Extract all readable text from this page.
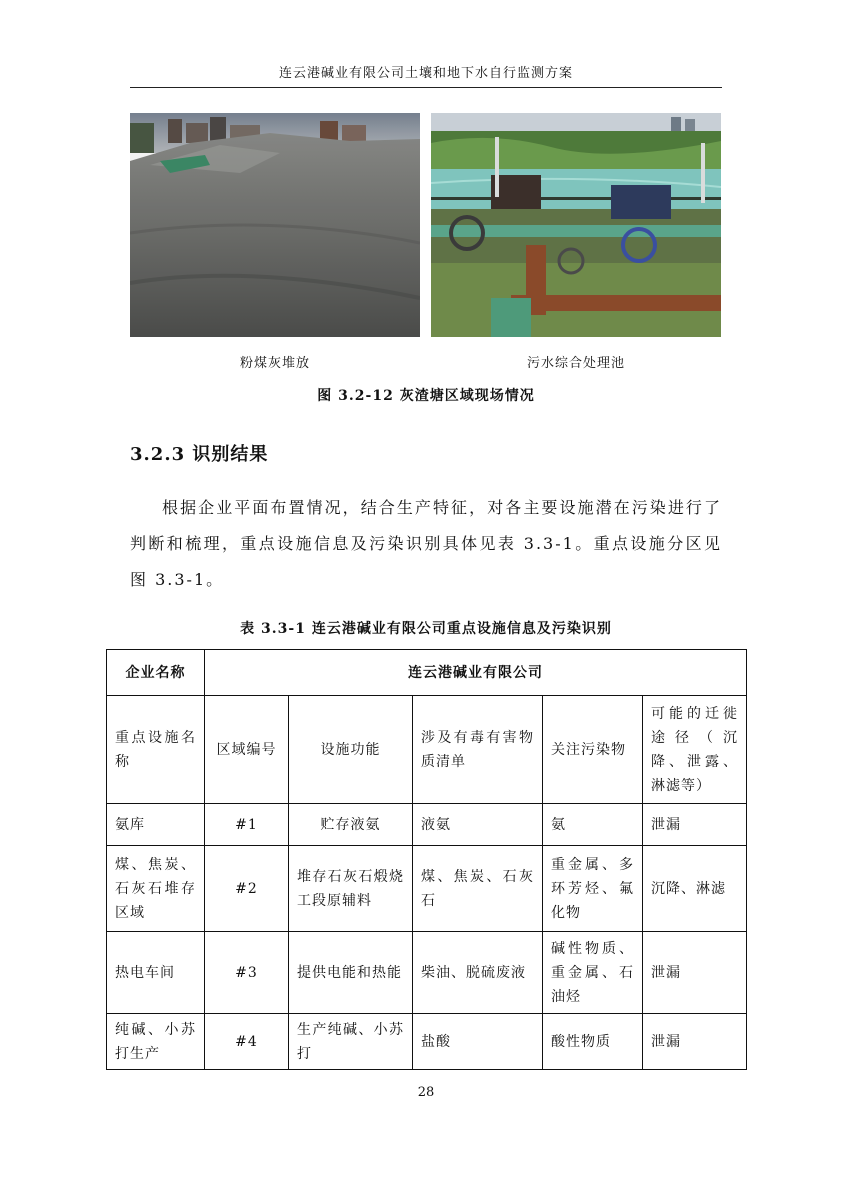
连云港碱业有限公司土壤和地下水自行监测方案
粉煤灰堆放	污水综合处理池
图 3.2-12 灰渣塘区域现场情况
3.2.3 识别结果
根据企业平面布置情况，结合生产特征，对各主要设施潜在污染进行了判断和梳理，重点设施信息及污染识别具体见表 3.3-1。重点设施分区见图 3.3-1。
表 3.3-1 连云港碱业有限公司重点设施信息及污染识别
企业名称	连云港碱业有限公司				
重点设施名称	区域编号	设施功能	涉及有毒有害物质清单	关注污染物	可能的迁徙途径（沉降、泄露、淋滤等）
氨库	#1	贮存液氨	液氨	氨	泄漏
煤、焦炭、石灰石堆存区域	#2	堆存石灰石煅烧工段原辅料	煤、焦炭、石灰石	重金属、多环芳烃、氟化物	沉降、淋滤
热电车间	#3	提供电能和热能	柴油、脱硫废液	碱性物质、重金属、石油烃	泄漏
纯碱、小苏打生产	#4	生产纯碱、小苏打	盐酸	酸性物质	泄漏
28
